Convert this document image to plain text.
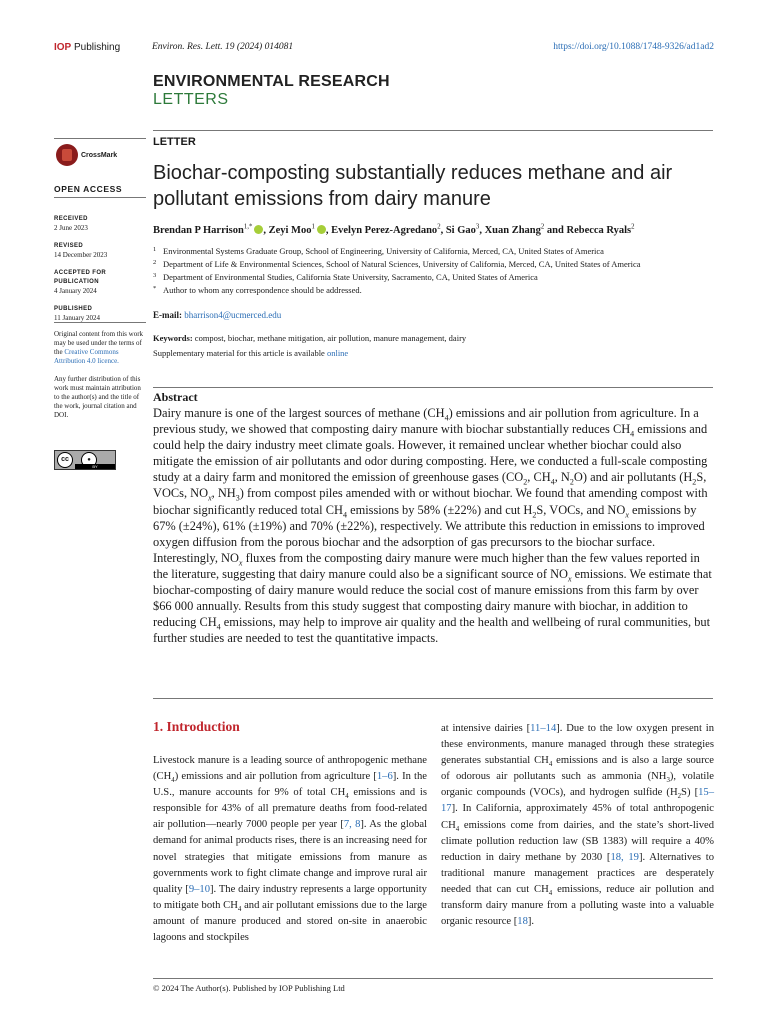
IOP Publishing	Environ. Res. Lett. 19 (2024) 014081	https://doi.org/10.1088/1748-9326/ad1ad2
ENVIRONMENTAL RESEARCH
LETTERS
LETTER
Biochar-composting substantially reduces methane and air pollutant emissions from dairy manure
Brendan P Harrison$^{1,*}$ , Zeyi Moo$^1$ , Evelyn Perez-Agredano$^2$, Si Gao$^3$, Xuan Zhang$^2$ and Rebecca Ryals$^2$
1 Environmental Systems Graduate Group, School of Engineering, University of California, Merced, CA, United States of America
2 Department of Life & Environmental Sciences, School of Natural Sciences, University of California, Merced, CA, United States of America
3 Department of Environmental Studies, California State University, Sacramento, CA, United States of America
* Author to whom any correspondence should be addressed.
E-mail: bharrison4@ucmerced.edu
Keywords: compost, biochar, methane mitigation, air pollution, manure management, dairy
Supplementary material for this article is available online
CrossMark
OPEN ACCESS
RECEIVED
2 June 2023
REVISED
14 December 2023
ACCEPTED FOR PUBLICATION
4 January 2024
PUBLISHED
11 January 2024
Original content from this work may be used under the terms of the Creative Commons Attribution 4.0 licence.
Any further distribution of this work must maintain attribution to the author(s) and the title of the work, journal citation and DOI.
cc	●
BY
Abstract
Dairy manure is one of the largest sources of methane $(CH_4)$ emissions and air pollution from agriculture. In a previous study, we showed that composting dairy manure with biochar substantially reduces $CH_4$ emissions and could help the dairy industry meet climate goals. However, it remained unclear whether biochar could also mitigate the emission of air pollutants and odor during composting. Here, we conducted a full-scale composting study at a dairy farm and monitored the emission of greenhouse gases ($CO_2$, $CH_4$, $N_2O$) and air pollutants ($H_2S$, VOCs, $NO_x$, $NH_3$) from compost piles amended with or without biochar. We found that amending compost with biochar significantly reduced total $CH_4$ emissions by 58% (±22%) and cut $H_2S$, VOCs, and $NO_x$ emissions by 67% (±24%), 61% (±19%) and 70% (±22%), respectively. We attribute this reduction in emissions to improved oxygen diffusion from the porous biochar and the adsorption of gas precursors to the biochar surface. Interestingly, $NO_x$ fluxes from the composting dairy manure were much higher than the few values reported in the literature, suggesting that dairy manure could also be a significant source of $NO_x$ emissions. We estimate that biochar-composting of dairy manure would reduce the social cost of manure emissions from this farm by over $66 000 annually. Results from this study suggest that composting dairy manure with biochar, in addition to reducing $CH_4$ emissions, may help to improve air quality and the health and wellbeing of rural communities, but further studies are needed to test the quantitative impacts.
1. Introduction
Livestock manure is a leading source of anthropogenic methane $(CH_4)$ emissions and air pollution from agriculture [1–6]. In the U.S., manure accounts for 9% of total $CH_4$ emissions and is responsible for 43% of all premature deaths from food-related air pollution—nearly 7000 people per year [7, 8]. As the global demand for animal products rises, there is an increasing need for novel strategies that mitigate emissions from manure as governments work to fight climate change and improve rural air quality [9–10]. The dairy industry represents a large opportunity to mitigate both $CH_4$ and air pollutant emissions due to the large amount of manure produced and stored on-site in anaerobic lagoons and stockpiles
at intensive dairies [11–14]. Due to the low oxygen present in these environments, manure managed through these strategies generates substantial $CH_4$ emissions and is also a large source of odorous air pollutants such as ammonia $(NH_3)$, volatile organic compounds (VOCs), and hydrogen sulfide $(H_2S)$ [15–17]. In California, approximately 45% of total anthropogenic $CH_4$ emissions come from dairies, and the state’s short-lived climate pollution reduction law (SB 1383) will require a 40% reduction in dairy methane by 2030 [18, 19]. Alternatives to traditional manure management practices are desperately needed that can cut $CH_4$ emissions, reduce air pollution and transform dairy manure from a polluting waste into a valuable organic resource [18].
© 2024 The Author(s). Published by IOP Publishing Ltd
